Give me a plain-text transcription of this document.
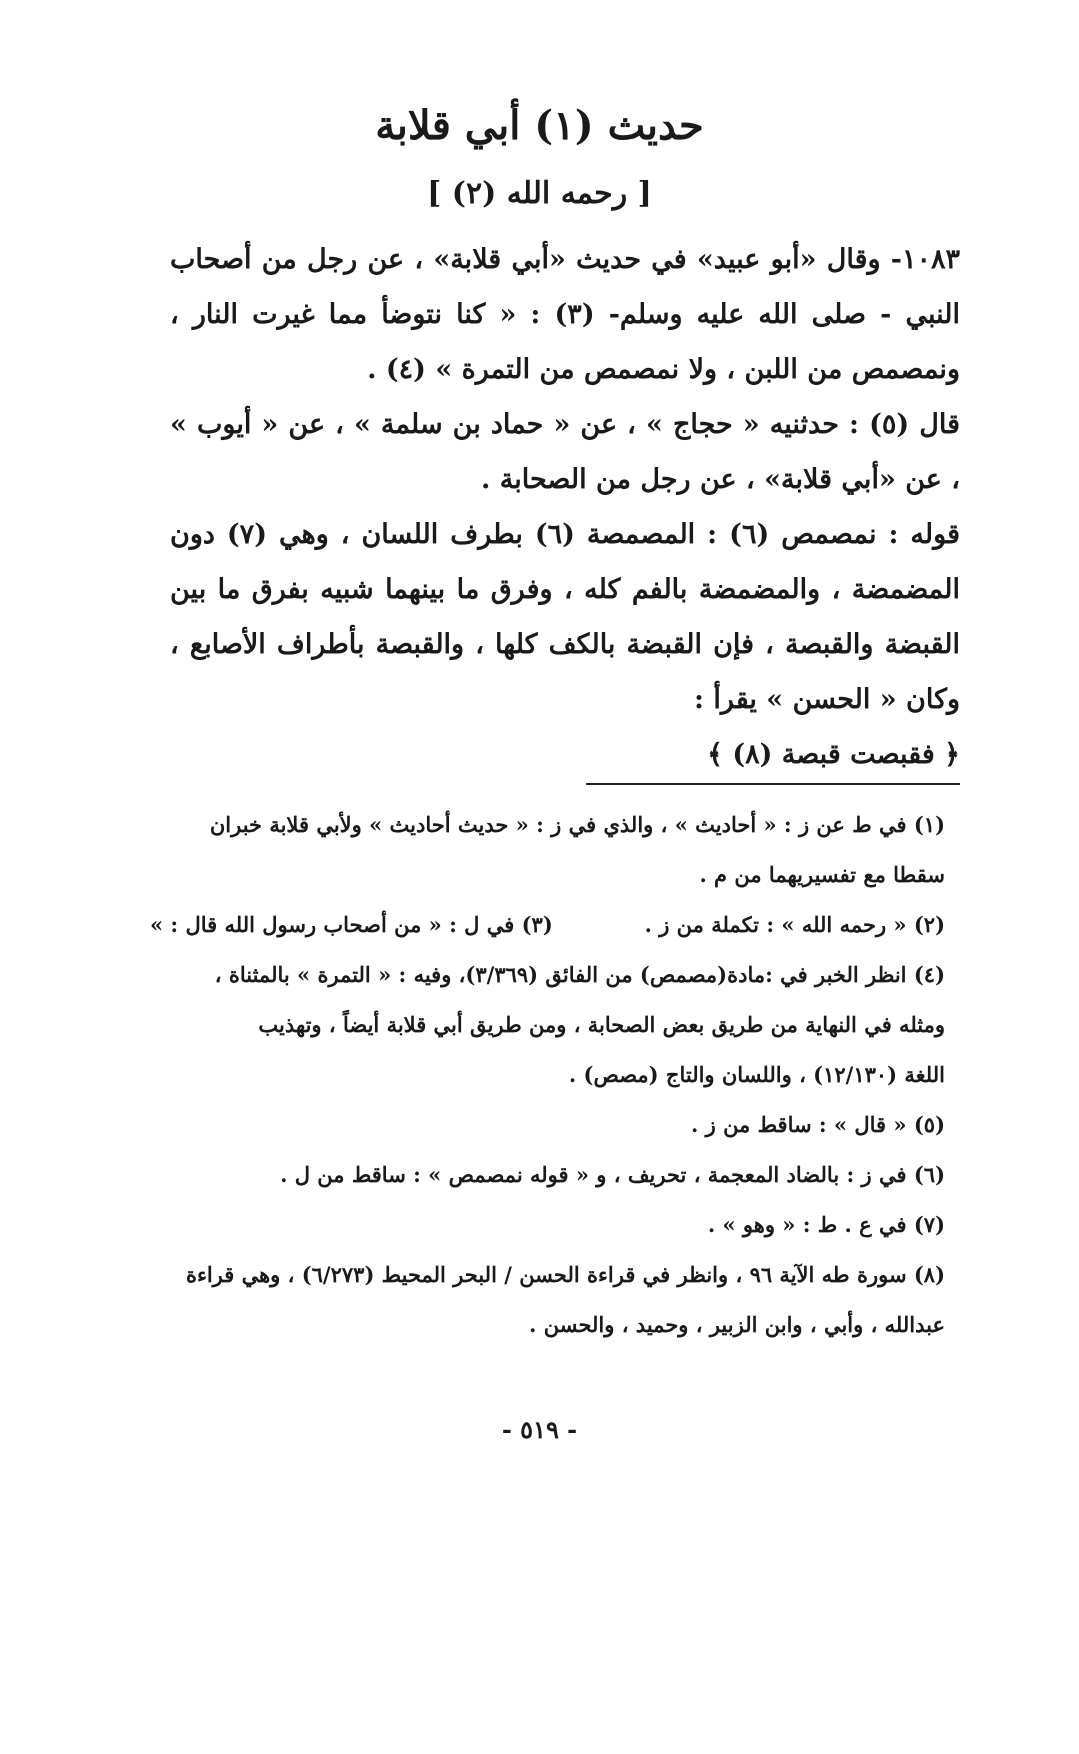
حديث (١) أبي قلابة
[ رحمه الله (٢) ]

١٠٨٣- وقال «أبو عبيد» في حديث «أبي قلابة» ، عن رجل من أصحاب النبي - صلى الله عليه وسلم- (٣) : « كنا نتوضأ مما غيرت النار ، ونمصمص من اللبن ، ولا نمصمص من التمرة » (٤) .

قال (٥) : حدثنيه « حجاج » ، عن « حماد بن سلمة » ، عن « أيوب » ، عن «أبي قلابة» ، عن رجل من الصحابة .

قوله : نمصمص (٦) : المصمصة (٦) بطرف اللسان ، وهي (٧) دون المضمضة ، والمضمضة بالفم كله ، وفرق ما بينهما شبيه بفرق ما بين القبضة والقبصة ، فإن القبضة بالكف كلها ، والقبصة بأطراف الأصابع ، وكان « الحسن » يقرأ :

﴿ فقبصت قبصة (٨) ﴾

(١) في ط عن ز : « أحاديث » ، والذي في ز : « حديث أحاديث » ولأبي قلابة خبران

سقطا مع تفسيريهما من م .

(٢) « رحمه الله » : تكملة من ز .
(٣) في ل : « من أصحاب رسول الله قال : »

(٤) انظر الخبر في :مادة(مصمص) من الفائق (٣/٣٦٩)، وفيه : « التمرة » بالمثناة ،

ومثله في النهاية من طريق بعض الصحابة ، ومن طريق أبي قلابة أيضاً ، وتهذيب

اللغة (١٢/١٣٠) ، واللسان والتاج (مصص) .

(٥) « قال » : ساقط من ز .

(٦) في ز : بالضاد المعجمة ، تحريف ، و « قوله نمصمص » : ساقط من ل .

(٧) في ع . ط : « وهو » .

(٨) سورة طه الآية ٩٦ ، وانظر في قراءة الحسن / البحر المحيط (٦/٢٧٣) ، وهي قراءة

عبدالله ، وأبي ، وابن الزبير ، وحميد ، والحسن .

- ٥١٩ -
